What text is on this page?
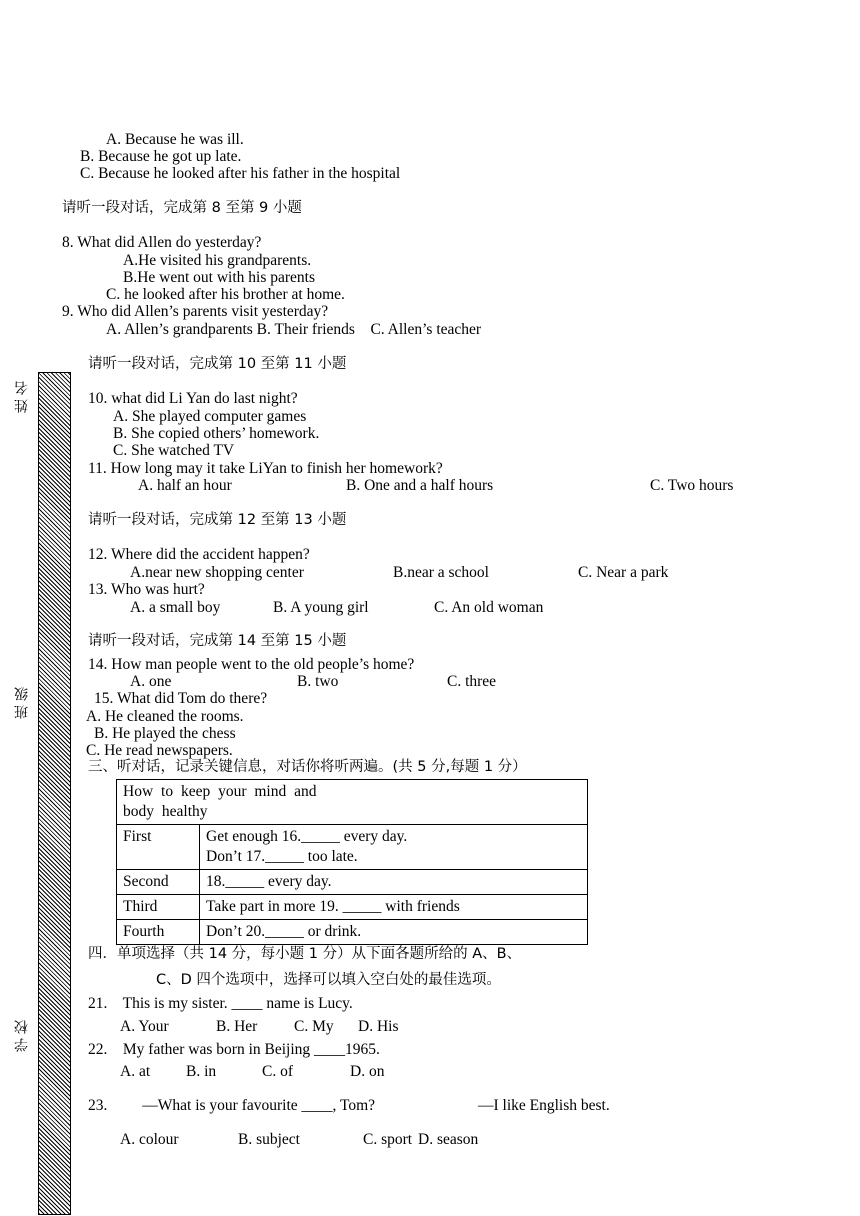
姓名
班级
学校
A. Because he was ill.
B. Because he got up late.
C. Because he looked after his father in the hospital
请听一段对话，完成第 8 至第 9 小题
8. What did Allen do yesterday?
A.He visited his grandparents.
B.He went out with his parents
C. he looked after his brother at home.
9. Who did Allen’s parents visit yesterday?
A. Allen’s grandparents B. Their friends    C. Allen’s teacher
请听一段对话，完成第 10 至第 11 小题
10. what did Li Yan do last night?
A. She played computer games
B. She copied others’ homework.
C. She watched TV
11. How long may it take LiYan to finish her homework?
A. half an hour	B. One and a half hours	C. Two hours
请听一段对话，完成第 12 至第 13 小题
12. Where did the accident happen?
A.near new shopping center	B.near a school	C. Near a park
13. Who was hurt?
A. a small boy	B. A young girl	C. An old woman
请听一段对话，完成第 14 至第 15 小题
14. How man people went to the old people’s home?
A. one	B. two	C. three
15. What did Tom do there?
A. He cleaned the rooms.
B. He played the chess
C. He read newspapers.
三、听对话，记录关键信息，对话你将听两遍。(共 5 分,每题 1 分）
How to keep your mind and
body healthy	
First	Get enough 16._____ every day.
Don’t 17._____ too late.

Second	18._____ every day.
Third	Take part in more 19. _____ with friends
Fourth	Don’t 20._____ or drink.
四．单项选择（共 14 分，每小题 1 分）从下面各题所给的 A、B、
C、D 四个选项中，选择可以填入空白处的最佳选项。
21.    This is my sister. ____ name is Lucy.
A. Your	B. Her C. My D. His
22.    My father was born in Beijing ____1965.
A. at B. in	C. of	D. on
23.         —What is your favourite ____, Tom?	—I like English best.
A. colour	B. subject	C. sport D. season
